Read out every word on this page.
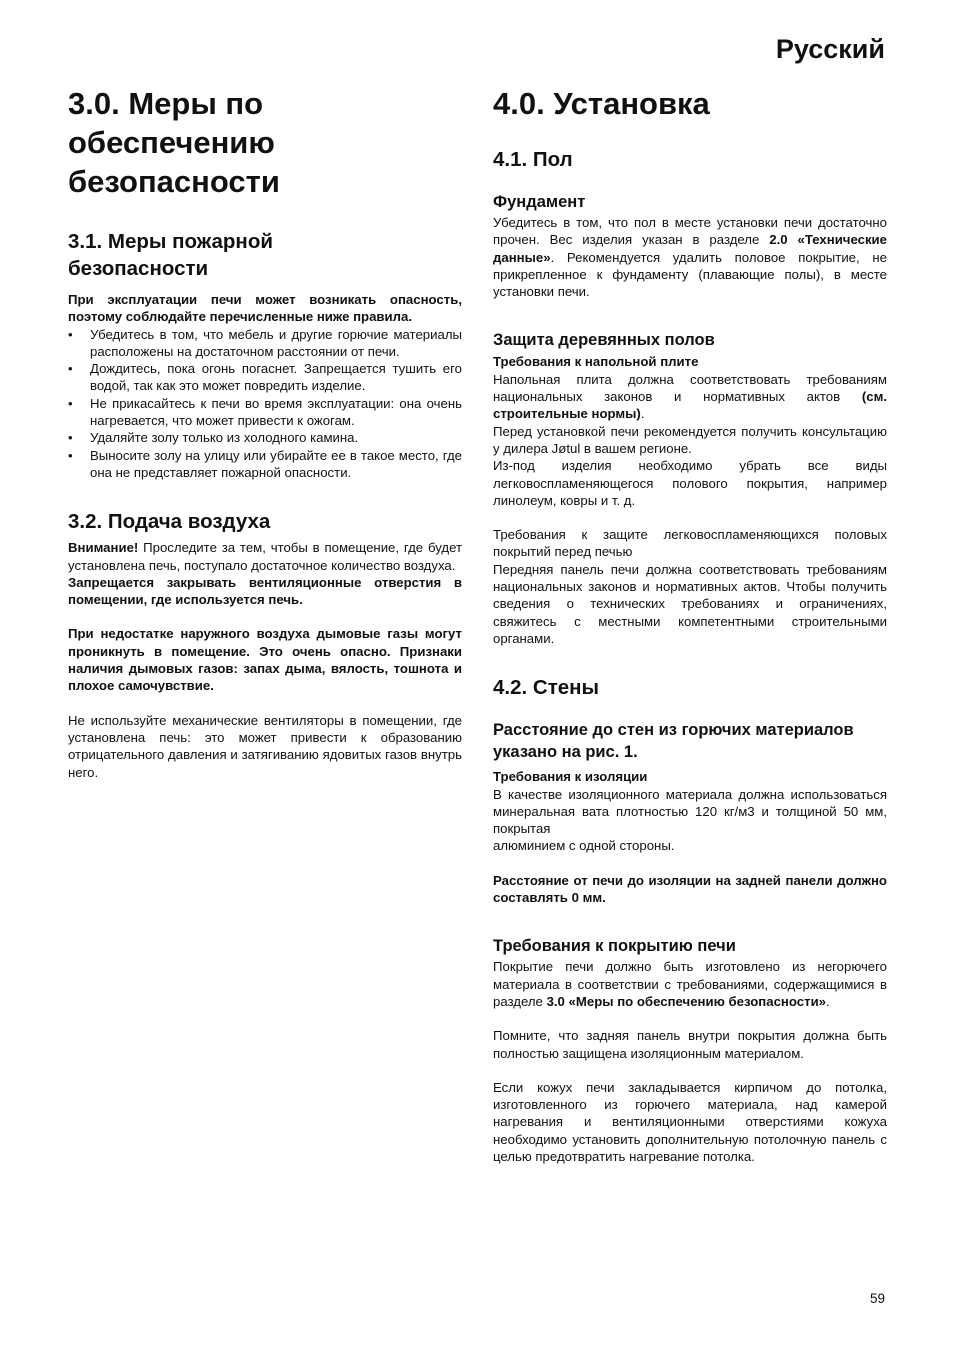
Русский
3.0. Меры по обеспечению безопасности
3.1. Меры пожарной безопасности

При эксплуатации печи может возникать опасность, поэтому соблюдайте перечисленные ниже правила.

• Убедитесь в том, что мебель и другие горючие материалы расположены на достаточном расстоянии от печи.
• Дождитесь, пока огонь погаснет. Запрещается тушить его водой, так как это может повредить изделие.
• Не прикасайтесь к печи во время эксплуатации: она очень нагревается, что может привести к ожогам.
• Удаляйте золу только из холодного камина.
• Выносите золу на улицу или убирайте ее в такое место, где она не представляет пожарной опасности.
3.2. Подача воздуха

Внимание! Проследите за тем, чтобы в помещение, где будет установлена печь, поступало достаточное количество воздуха.

Запрещается закрывать вентиляционные отверстия в помещении, где используется печь.

При недостатке наружного воздуха дымовые газы могут проникнуть в помещение. Это очень опасно. Признаки наличия дымовых газов: запах дыма, вялость, тошнота и плохое самочувствие.

Не используйте механические вентиляторы в помещении, где установлена печь: это может привести к образованию отрицательного давления и затягиванию ядовитых газов внутрь него.

4.0. Установка
4.1. Пол
Фундамент

Убедитесь в том, что пол в месте установки печи достаточно прочен. Вес изделия указан в разделе 2.0 «Технические данные». Рекомендуется удалить половое покрытие, не прикрепленное к фундаменту (плавающие полы), в месте установки печи.

Защита деревянных полов

Требования к напольной плите

Напольная плита должна соответствовать требованиям национальных законов и нормативных актов (см. строительные нормы).

Перед установкой печи рекомендуется получить консультацию у дилера Jøtul в вашем регионе.

Из-под изделия необходимо убрать все виды легковоспламеняющегося полового покрытия, например линолеум, ковры и т. д.

Требования к защите легковоспламеняющихся половых покрытий перед печью

Передняя панель печи должна соответствовать требованиям национальных законов и нормативных актов. Чтобы получить сведения о технических требованиях и ограничениях, свяжитесь с местными компетентными строительными органами.

4.2. Стены
Расстояние до стен из горючих материалов указано на рис. 1.

Требования к изоляции

В качестве изоляционного материала должна использоваться минеральная вата плотностью 120 кг/м3 и толщиной 50 мм, покрытая

алюминием с одной стороны.

Расстояние от печи до изоляции на задней панели должно составлять 0 мм.

Требования к покрытию печи

Покрытие печи должно быть изготовлено из негорючего материала в соответствии с требованиями, содержащимися в разделе 3.0 «Меры по обеспечению безопасности».

Помните, что задняя панель внутри покрытия должна быть полностью защищена изоляционным материалом.

Если кожух печи закладывается кирпичом до потолка, изготовленного из горючего материала, над камерой нагревания и вентиляционными отверстиями кожуха необходимо установить дополнительную потолочную панель с целью предотвратить нагревание потолка.

59
